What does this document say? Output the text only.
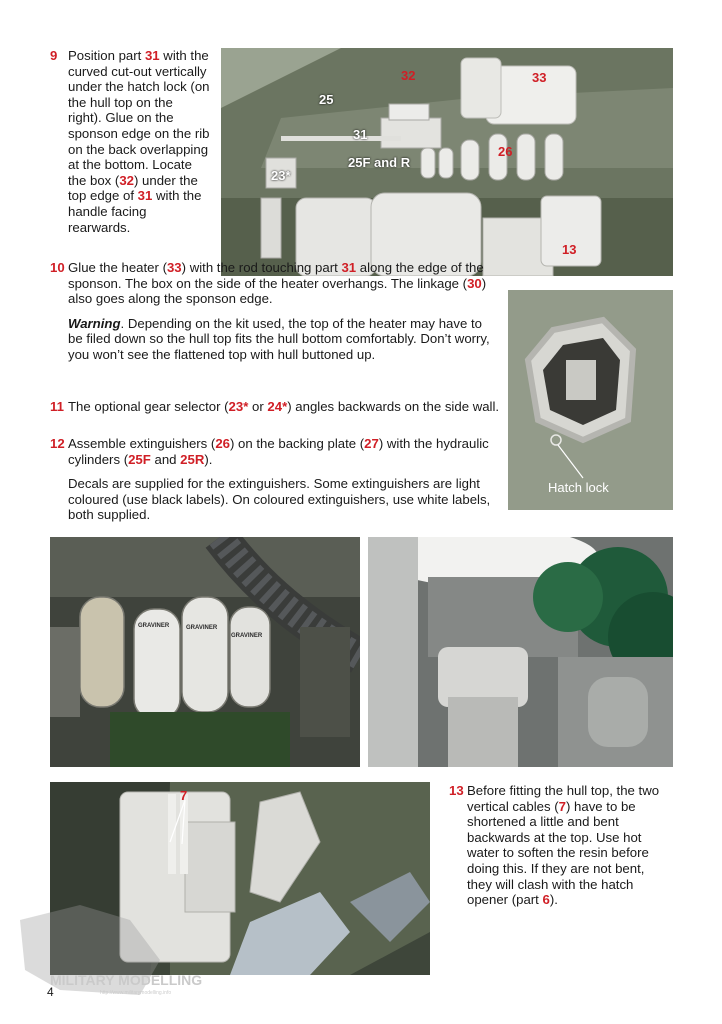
9 Position part 31 with the curved cut-out vertically under the hatch lock (on the hull top on the right). Glue on the sponson edge on the rib on the back overlapping at the bottom. Locate the box (32) under the top edge of 31 with the handle facing rearwards.
32	33
25
31
26
23*
25F and R
13
10 Glue the heater (33) with the rod touching part 31 along the edge of the sponson. The box on the side of the heater overhangs. The linkage (30) also goes along the sponson edge.
Warning. Depending on the kit used, the top of the heater may have to be filed down so the hull top fits the hull bottom comfortably. Don’t worry, you won’t see the flattened top with hull buttoned up.
Hatch lock
11 The optional gear selector (23* or 24*) angles backwards on the side wall.
12 Assemble extinguishers (26) on the backing plate (27) with the hydraulic cylinders (25F and 25R).
Decals are supplied for the extinguishers. Some extinguishers are light coloured (use black labels). On coloured extinguishers, use white labels, both supplied.
GRAVINER	GRAVINER
GRAVINER
7	13 Before fitting the hull top, the two vertical cables (7) have to be shortened a little and bent backwards at the top. Use hot water to soften the resin before doing this. If they are not bent, they will clash with the hatch opener (part 6).
MILITARY MODELLING
http://www.militarymodelling.info
4
